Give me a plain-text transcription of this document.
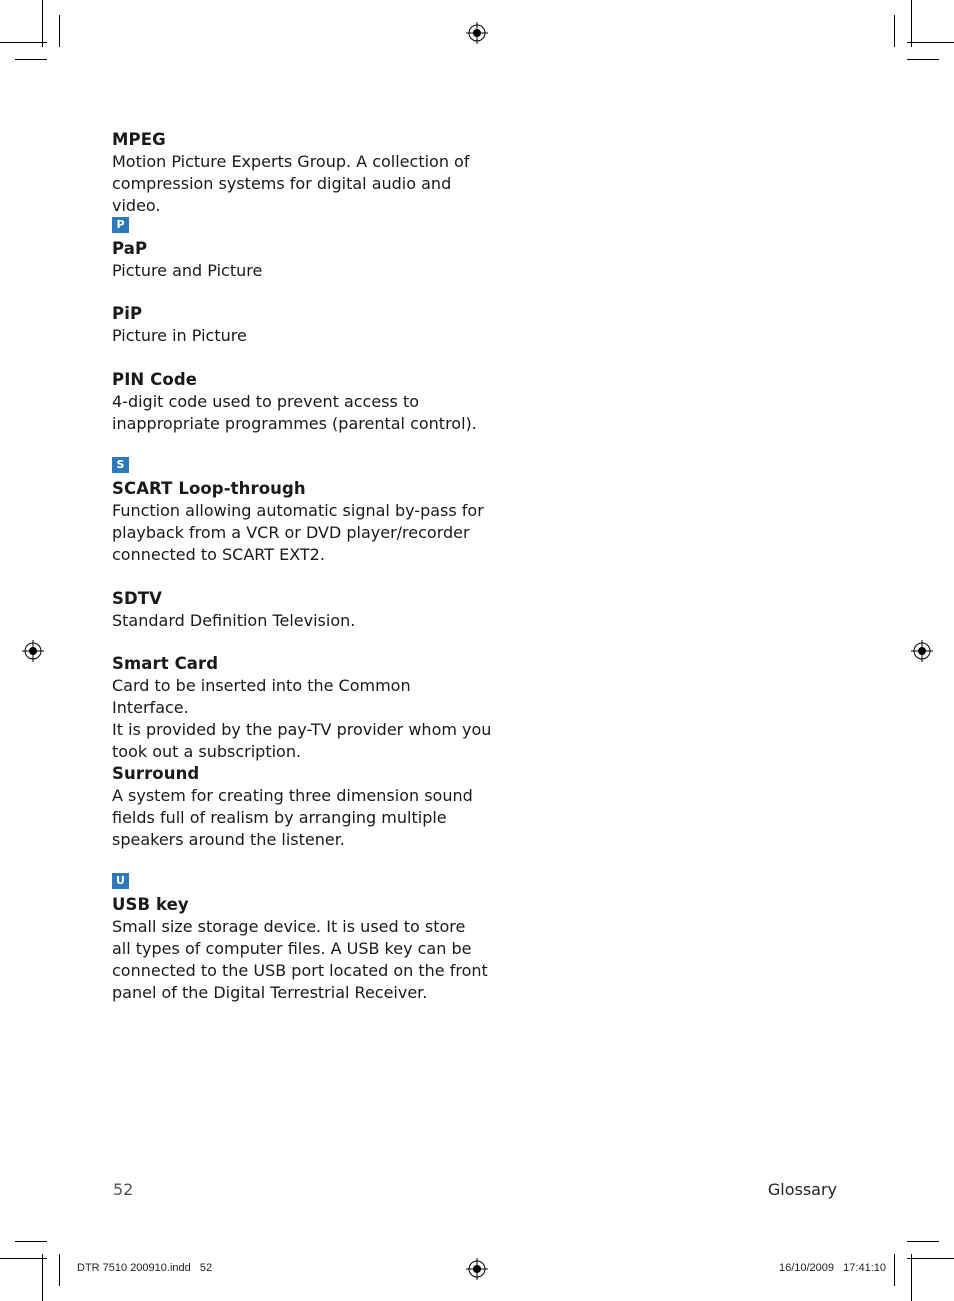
MPEG
Motion Picture Experts Group. A collection of
compression systems for digital audio and video.
P
PaP
Picture and Picture
PiP
Picture in Picture
PIN Code
4-digit code used to prevent access to
inappropriate programmes (parental control).
S
SCART Loop-through
Function allowing automatic signal by-pass for
playback from a VCR or DVD player/recorder
connected to SCART EXT2.
SDTV
Standard Definition Television.
Smart Card
Card to be inserted into the Common Interface.
It is provided by the pay-TV provider whom you
took out a subscription.
Surround
A system for creating three dimension sound
fields full of realism by arranging multiple
speakers around the listener.
U
USB key
Small size storage device. It is used to store
all types of computer files. A USB key can be
connected to the USB port located on the front
panel of the Digital Terrestrial Receiver.
52	Glossary
DTR 7510 200910.indd   52	16/10/2009   17:41:10
